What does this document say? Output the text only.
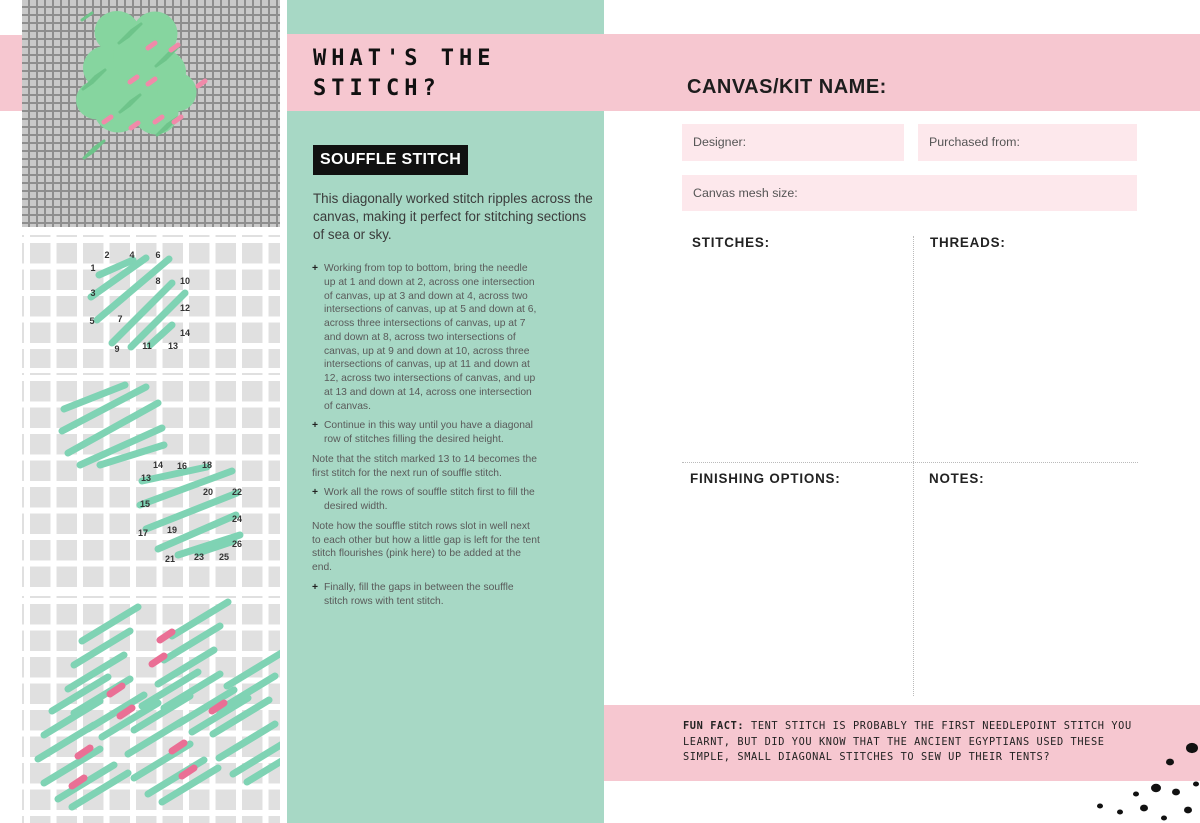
1
2 4 6
3
8 10
5	7
12
14
9	11 13
14 16 18
13
20 22
15
24
17 19
26
21 23 25
WHAT'S THE STITCH?
SOUFFLE STITCH

This diagonally worked stitch ripples across the canvas, making it perfect for stitching sections of sea or sky.

+ Working from top to bottom, bring the needle up at 1 and down at 2, across one intersection of canvas, up at 3 and down at 4, across two intersections of canvas, up at 5 and down at 6, across three intersections of canvas, up at 7 and down at 8, across two intersections of canvas, up at 9 and down at 10, across three intersections of canvas, up at 11 and down at 12, across two intersections of canvas, and up at 13 and down at 14, across one intersection of canvas.
+ Continue in this way until you have a diagonal row of stitches filling the desired height.

Note that the stitch marked 13 to 14 becomes the first stitch for the next run of souffle stitch.

+ Work all the rows of souffle stitch first to fill the desired width.

Note how the souffle stitch rows slot in well next to each other but how a little gap is left for the tent stitch flourishes (pink here) to be added at the end.

+ Finally, fill the gaps in between the souffle stitch rows with tent stitch.
CANVAS/KIT NAME:
Designer:	Purchased from:
Canvas mesh size:
STITCHES:	THREADS:
FINISHING OPTIONS:	NOTES:

FUN FACT: TENT STITCH IS PROBABLY THE FIRST NEEDLEPOINT STITCH YOU LEARNT, BUT DID YOU KNOW THAT THE ANCIENT EGYPTIANS USED THESE SIMPLE, SMALL DIAGONAL STITCHES TO SEW UP THEIR TENTS?
